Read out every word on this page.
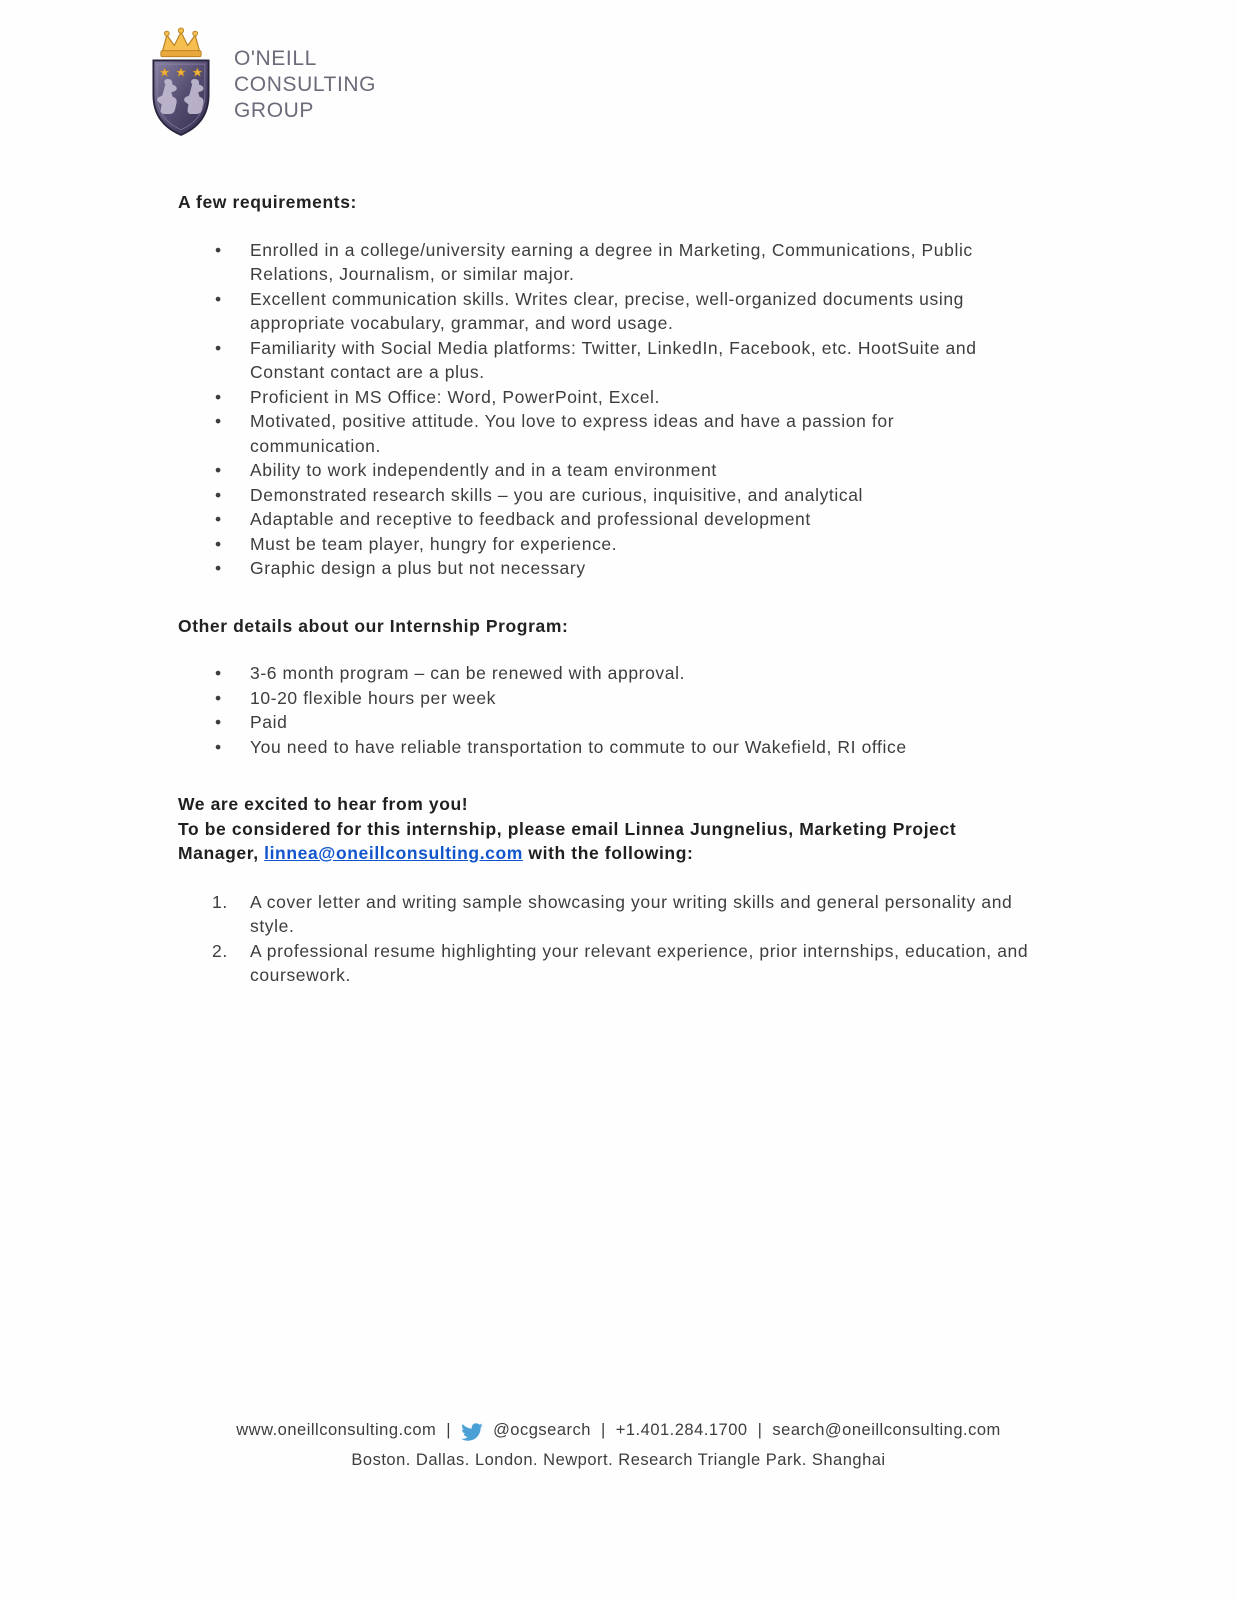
O'NEILL
CONSULTING
GROUP
A few requirements:
• Enrolled in a college/university earning a degree in Marketing, Communications, Public Relations, Journalism, or similar major.
• Excellent communication skills. Writes clear, precise, well-organized documents using appropriate vocabulary, grammar, and word usage.
• Familiarity with Social Media platforms: Twitter, LinkedIn, Facebook, etc. HootSuite and Constant contact are a plus.
• Proficient in MS Office: Word, PowerPoint, Excel.
• Motivated, positive attitude. You love to express ideas and have a passion for communication.
• Ability to work independently and in a team environment
• Demonstrated research skills – you are curious, inquisitive, and analytical
• Adaptable and receptive to feedback and professional development
• Must be team player, hungry for experience.
• Graphic design a plus but not necessary
Other details about our Internship Program:
• 3-6 month program – can be renewed with approval.
• 10-20 flexible hours per week
• Paid
• You need to have reliable transportation to commute to our Wakefield, RI office
We are excited to hear from you!
To be considered for this internship, please email Linnea Jungnelius, Marketing Project Manager, linnea@oneillconsulting.com with the following:
A cover letter and writing sample showcasing your writing skills and general personality and style.
A professional resume highlighting your relevant experience, prior internships, education, and coursework.
www.oneillconsulting.com |	@ocgsearch | +1.401.284.1700 | search@oneillconsulting.com
Boston. Dallas. London. Newport. Research Triangle Park. Shanghai
